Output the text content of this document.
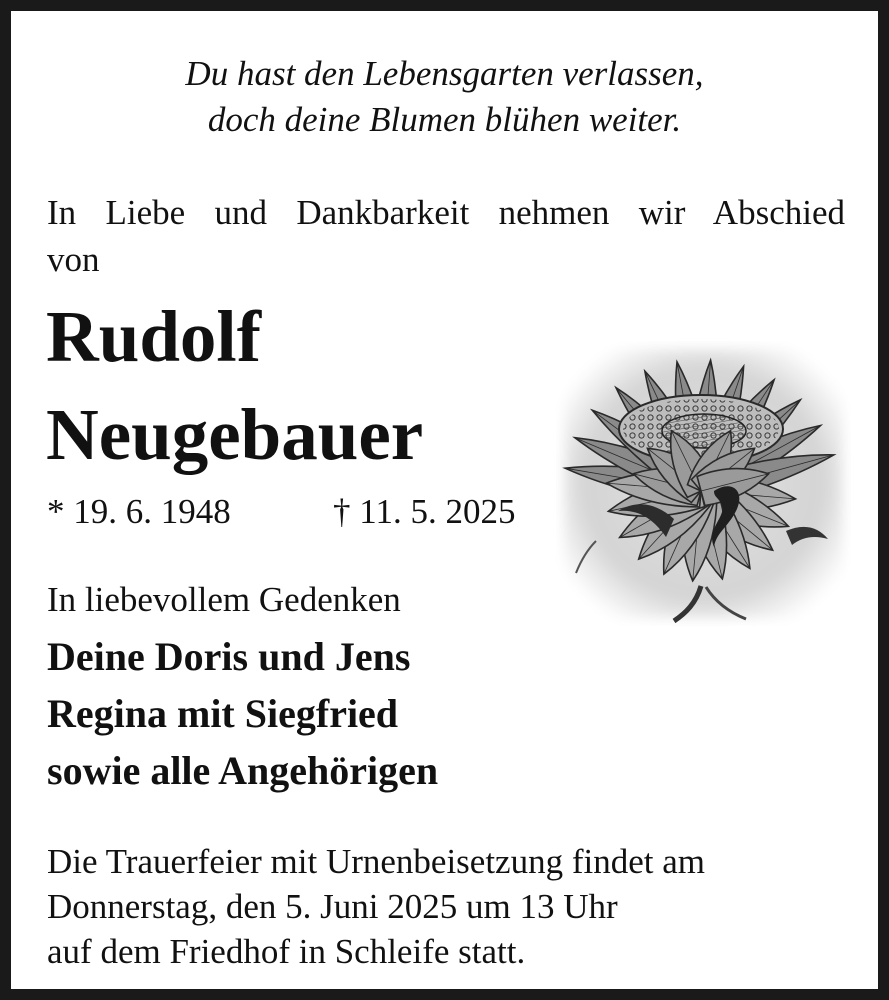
Du hast den Lebensgarten verlassen,
doch deine Blumen blühen weiter.
In Liebe und Dankbarkeit nehmen wir Abschied
von
Rudolf
Neugebauer
* 19. 6. 1948	† 11. 5. 2025
In liebevollem Gedenken
Deine Doris und Jens
Regina mit Siegfried
sowie alle Angehörigen
Die Trauerfeier mit Urnenbeisetzung findet am
Donnerstag, den 5. Juni 2025 um 13 Uhr
auf dem Friedhof in Schleife statt.
